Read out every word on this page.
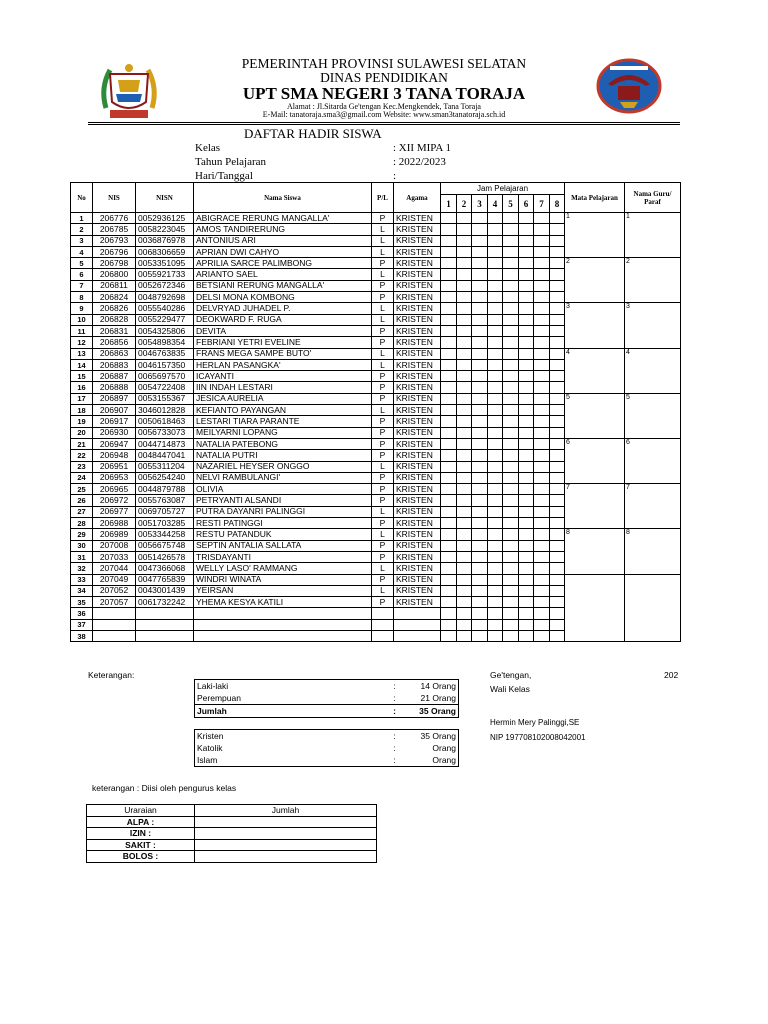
PEMERINTAH PROVINSI SULAWESI SELATAN
DINAS PENDIDIKAN
UPT SMA NEGERI 3 TANA TORAJA
Alamat : Jl.Sitarda Ge'tengan Kec.Mengkendek, Tana Toraja
E-Mail: tanatoraja.sma3@gmail.com Website: www.sman3tanatoraja.sch.id
DAFTAR HADIR SISWA
Kelas	: XII MIPA 1
Tahun Pelajaran	: 2022/2023
Hari/Tanggal	:
No	NIS	NISN	Nama Siswa	P/L	Agama	Jam Pelajaran								Mata Pelajaran	Nama Guru/ Paraf
						1	2	3	4	5	6	7	8		
1	206776	0052936125	ABIGRACE RERUNG MANGALLA'	P	KRISTEN									1	1
2	206785	0058223045	AMOS TANDIRERUNG	L	KRISTEN										
3	206793	0036876978	ANTONIUS ARI	L	KRISTEN										
4	206796	0068306659	APRIAN DWI CAHYO	L	KRISTEN										
5	206798	0053351095	APRILIA SARCE PALIMBONG	P	KRISTEN									2	2
6	206800	0055921733	ARIANTO SAEL	L	KRISTEN										
7	206811	0052672346	BETSIANI RERUNG MANGALLA'	P	KRISTEN										
8	206824	0048792698	DELSI MONA KOMBONG	P	KRISTEN										
9	206826	0055540286	DELVRYAD JUHADEL P.	L	KRISTEN									3	3
10	206828	0055229477	DEOKWARD F. RUGA	L	KRISTEN										
11	206831	0054325806	DEVITA	P	KRISTEN										
12	206856	0054898354	FEBRIANI YETRI EVELINE	P	KRISTEN										
13	206863	0046763835	FRANS MEGA SAMPE BUTO'	L	KRISTEN									4	4
14	206883	0046157350	HERLAN PASANGKA'	L	KRISTEN										
15	206887	0065697570	ICAYANTI	P	KRISTEN										
16	206888	0054722408	IIN INDAH LESTARI	P	KRISTEN										
17	206897	0053155367	JESICA AURELIA	P	KRISTEN									5	5
18	206907	3046012828	KEFIANTO PAYANGAN	L	KRISTEN										
19	206917	0050618463	LESTARI TIARA PARANTE	P	KRISTEN										
20	206930	0056733073	MEILYARNI LOPANG	P	KRISTEN										
21	206947	0044714873	NATALIA PATEBONG	P	KRISTEN									6	6
22	206948	0048447041	NATALIA PUTRI	P	KRISTEN										
23	206951	0055311204	NAZARIEL HEYSER ONGGO	L	KRISTEN										
24	206953	0056254240	NELVI RAMBULANGI'	P	KRISTEN										
25	206965	0044879788	OLIVIA	P	KRISTEN									7	7
26	206972	0055763087	PETRYANTI ALSANDI	P	KRISTEN										
27	206977	0069705727	PUTRA DAYANRI PALINGGI	L	KRISTEN										
28	206988	0051703285	RESTI PATINGGI	P	KRISTEN										
29	206989	0053344258	RESTU PATANDUK	L	KRISTEN									8	8
30	207008	0056675748	SEPTIN ANTALIA SALLATA	P	KRISTEN										
31	207033	0051426578	TRISDAYANTI	P	KRISTEN										
32	207044	0047366068	WELLY LASO' RAMMANG	L	KRISTEN										
33	207049	0047765839	WINDRI WINATA	P	KRISTEN										
34	207052	0043001439	YEIRSAN	L	KRISTEN										
35	207057	0061732242	YHEMA KESYA KATILI	P	KRISTEN										
36															
37															
38															
Keterangan:
Laki-laki	:	14 Orang
Perempuan	:	21 Orang
Jumlah	:	35 Orang
Kristen	:	35 Orang
Katolik	:	Orang
Islam	:	Orang
Ge'tengan,	202
Wali Kelas
Hermin Mery Palinggi,SE
NIP 197708102008042001
keterangan : Diisi oleh pengurus kelas
Uraraian	Jumlah
ALPA :	
IZIN :	
SAKIT :	
BOLOS :	
